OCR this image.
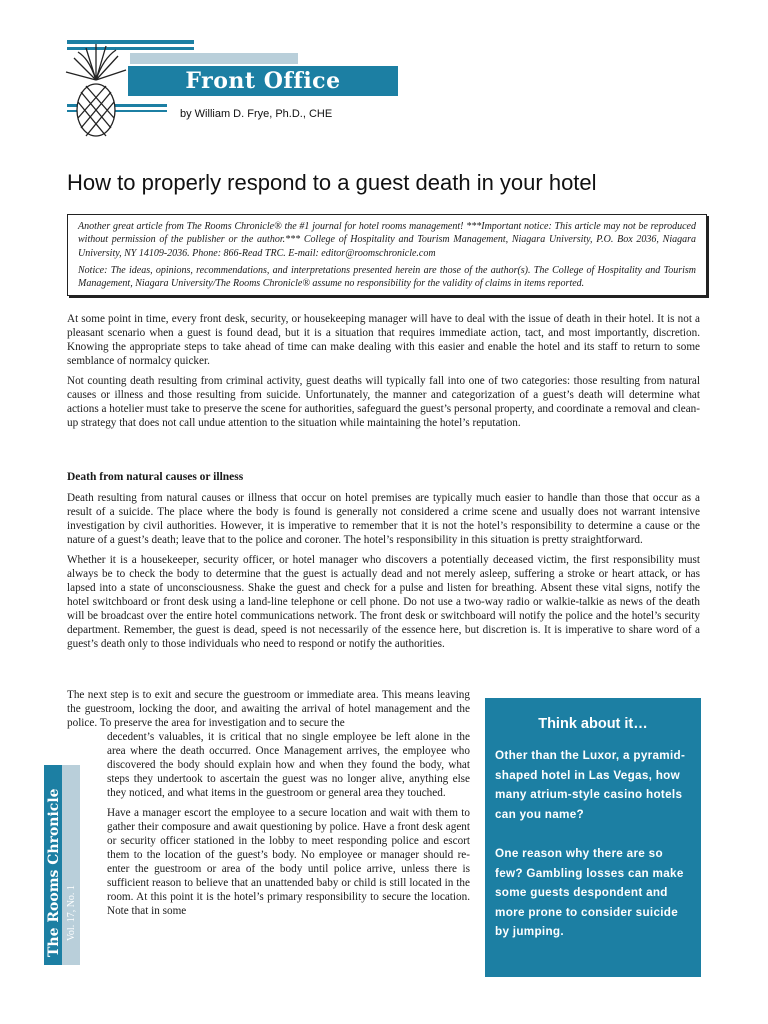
Front Office
by William D. Frye, Ph.D., CHE
How to properly respond to a guest death in your hotel

Another great article from The Rooms Chronicle® the #1 journal for hotel rooms management! ***Important notice: This article may not be reproduced without permission of the publisher or the author.*** College of Hospitality and Tourism Management, Niagara University, P.O. Box 2036, Niagara University, NY 14109-2036. Phone: 866-Read TRC. E-mail: editor@roomschronicle.com

Notice: The ideas, opinions, recommendations, and interpretations presented herein are those of the author(s). The College of Hospitality and Tourism Management, Niagara University/The Rooms Chronicle® assume no responsibility for the validity of claims in items reported.

At some point in time, every front desk, security, or housekeeping manager will have to deal with the issue of death in their hotel. It is not a pleasant scenario when a guest is found dead, but it is a situation that requires immediate action, tact, and most importantly, discretion. Knowing the appropriate steps to take ahead of time can make dealing with this easier and enable the hotel and its staff to return to some semblance of normalcy quicker.

Not counting death resulting from criminal activity, guest deaths will typically fall into one of two categories: those resulting from natural causes or illness and those resulting from suicide. Unfortunately, the manner and categorization of a guest’s death will determine what actions a hotelier must take to preserve the scene for authorities, safeguard the guest’s personal property, and coordinate a removal and clean-up strategy that does not call undue attention to the situation while maintaining the hotel’s reputation.

Death from natural causes or illness

Death resulting from natural causes or illness that occur on hotel premises are typically much easier to handle than those that occur as a result of a suicide. The place where the body is found is generally not considered a crime scene and usually does not warrant intensive investigation by civil authorities. However, it is imperative to remember that it is not the hotel’s responsibility to determine a cause or the nature of a guest’s death; leave that to the police and coroner. The hotel’s responsibility in this situation is pretty straightforward.

Whether it is a housekeeper, security officer, or hotel manager who discovers a potentially deceased victim, the first responsibility must always be to check the body to determine that the guest is actually dead and not merely asleep, suffering a stroke or heart attack, or has lapsed into a state of unconsciousness. Shake the guest and check for a pulse and listen for breathing. Absent these vital signs, notify the hotel switchboard or front desk using a land-line telephone or cell phone. Do not use a two-way radio or walkie-talkie as news of the death will be broadcast over the entire hotel communications network. The front desk or switchboard will notify the police and the hotel’s security department. Remember, the guest is dead, speed is not necessarily of the essence here, but discretion is. It is imperative to share word of a guest’s death only to those individuals who need to respond or notify the authorities.

The next step is to exit and secure the guestroom or immediate area. This means leaving the guestroom, locking the door, and awaiting the arrival of hotel management and the police. To preserve the area for investigation and to secure the

decedent’s valuables, it is critical that no single employee be left alone in the area where the death occurred. Once Management arrives, the employee who discovered the body should explain how and when they found the body, what steps they undertook to ascertain the guest was no longer alive, anything else they noticed, and what items in the guestroom or general area they touched.

Have a manager escort the employee to a secure location and wait with them to gather their composure and await questioning by police. Have a front desk agent or security officer stationed in the lobby to meet responding police and escort them to the location of the guest’s body. No employee or manager should re-enter the guestroom or area of the body until police arrive, unless there is sufficient reason to believe that an unattended baby or child is still located in the room. At this point it is the hotel’s primary responsibility to secure the location. Note that in some

The Rooms Chronicle Vol. 17, No. 1
Think about it…

Other than the Luxor, a pyramid-shaped hotel in Las Vegas, how many atrium-style casino hotels can you name?

One reason why there are so few? Gambling losses can make some guests despondent and more prone to consider suicide by jumping.
